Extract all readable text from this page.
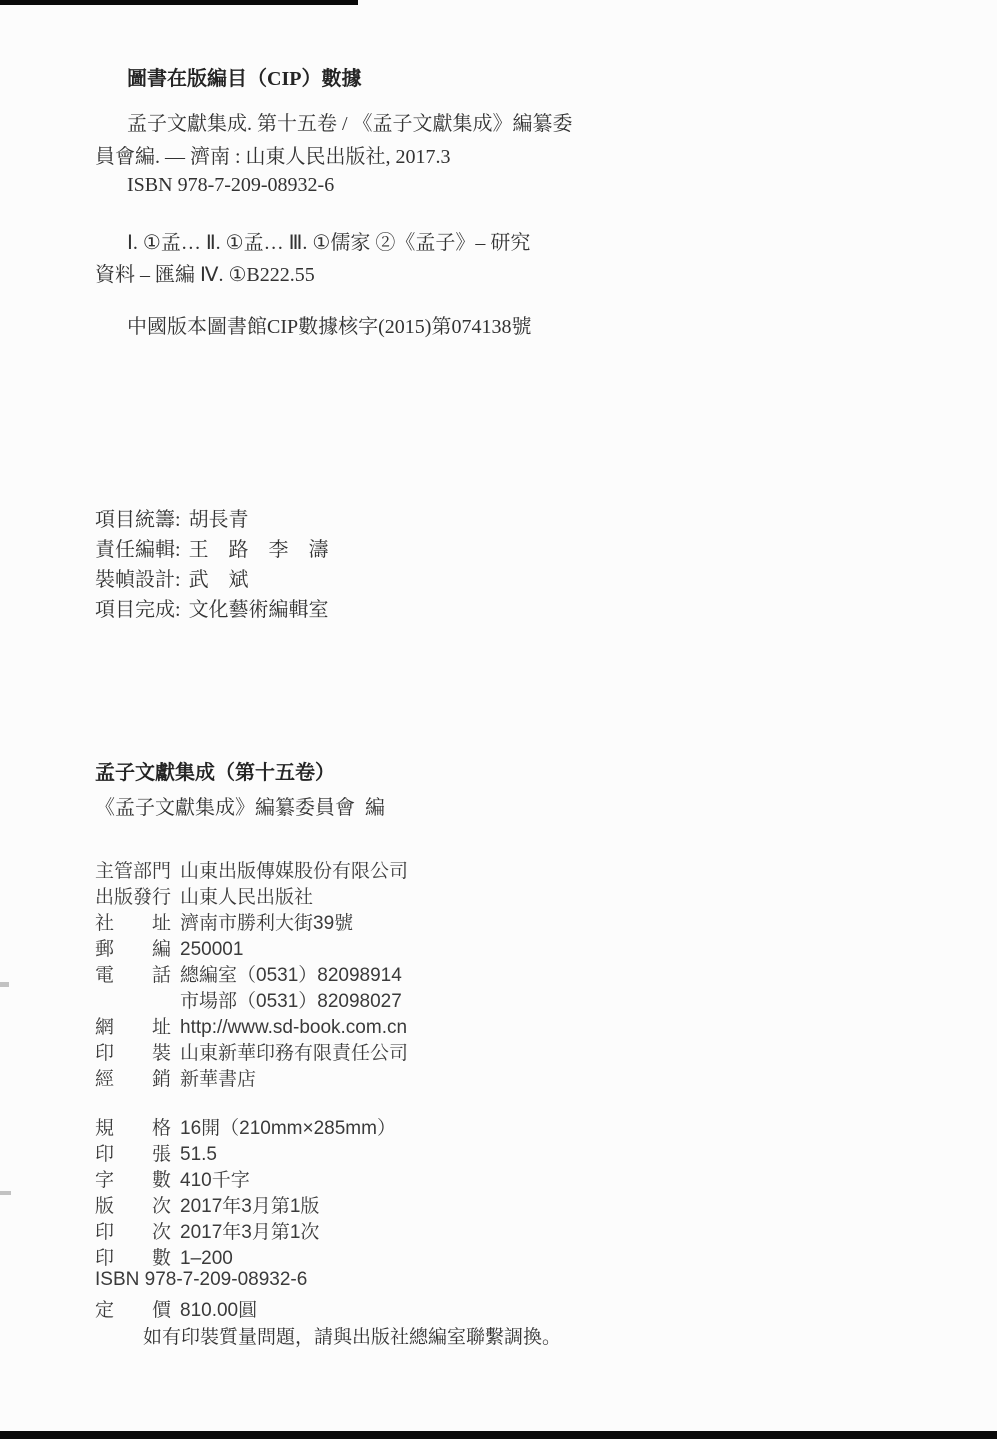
圖書在版編目（CIP）數據
孟子文獻集成. 第十五卷 / 《孟子文獻集成》編纂委
員會編. — 濟南 : 山東人民出版社, 2017.3
ISBN 978-7-209-08932-6
Ⅰ. ①孟… Ⅱ. ①孟… Ⅲ. ①儒家 ②《孟子》– 研究
資料 – 匯編 Ⅳ. ①B222.55
中國版本圖書館CIP數據核字(2015)第074138號
項目統籌: 胡長青
責任編輯: 王　路　李　濤
裝幀設計: 武　斌
項目完成: 文化藝術編輯室
孟子文獻集成（第十五卷）
《孟子文獻集成》編纂委員會  編
主管部門 山東出版傳媒股份有限公司
出版發行 山東人民出版社
社　　址 濟南市勝利大街39號
郵　　編 250001
電　　話 總編室（0531）82098914
市場部（0531）82098027
網　　址 http://www.sd-book.com.cn
印　　裝 山東新華印務有限責任公司
經　　銷 新華書店
規　　格 16開（210mm×285mm）
印　　張 51.5
字　　數 410千字
版　　次 2017年3月第1版
印　　次 2017年3月第1次
印　　數 1–200
ISBN 978-7-209-08932-6
定　　價 810.00圓
如有印裝質量問題，請與出版社總編室聯繫調換。
